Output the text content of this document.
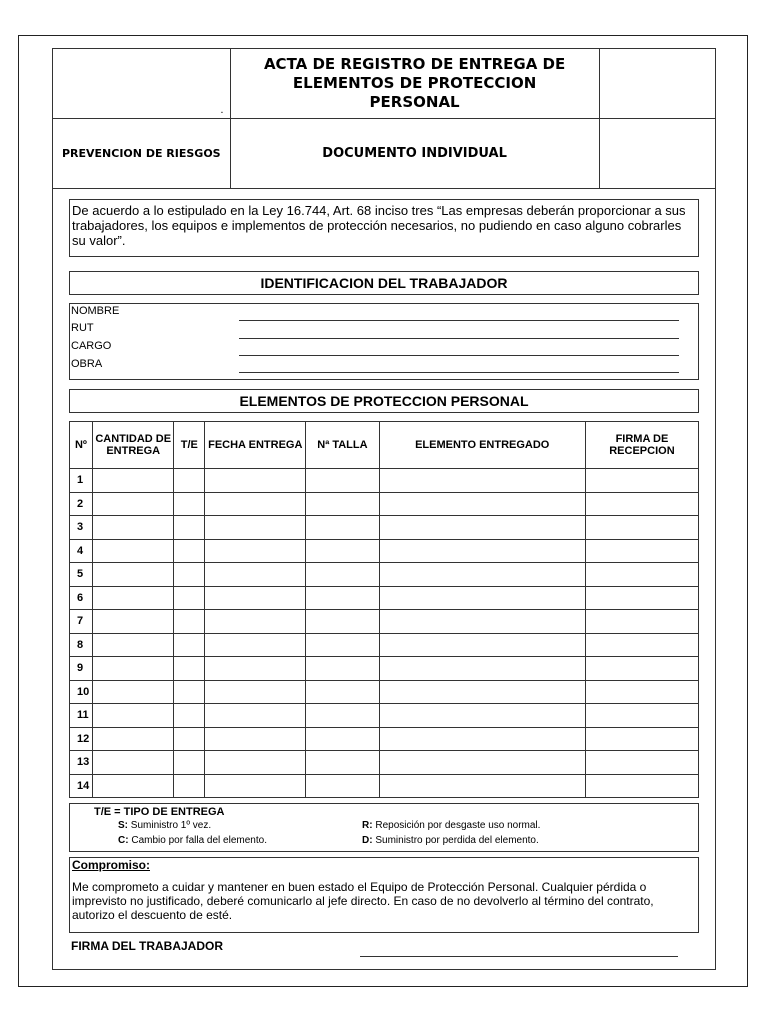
.	ACTA DE REGISTRO DE ENTREGA DE ELEMENTOS DE PROTECCION PERSONAL	
PREVENCION DE RIESGOS	DOCUMENTO INDIVIDUAL	
De acuerdo a lo estipulado en la Ley 16.744, Art. 68 inciso tres “Las empresas deberán proporcionar a sus trabajadores, los equipos e implementos de protección necesarios, no pudiendo en caso alguno cobrarles su valor”.
IDENTIFICACION DEL TRABAJADOR
NOMBRE
RUT
CARGO
OBRA
ELEMENTOS DE PROTECCION PERSONAL
Nº	CANTIDAD DE ENTREGA	T/E	FECHA ENTREGA	Nª TALLA	ELEMENTO ENTREGADO	FIRMA DE RECEPCION
1						
2						
3						
4						
5						
6						
7						
8						
9						
10						
11						
12						
13						
14						
T/E = TIPO DE ENTREGA
S: Suministro 1º vez.
C: Cambio por falla del elemento.
R: Reposición por desgaste uso normal.
D: Suministro por perdida del elemento.
Compromiso:
Me comprometo a cuidar y mantener en buen estado el Equipo de Protección Personal. Cualquier pérdida o imprevisto no justificado, deberé comunicarlo al jefe directo. En caso de no devolverlo al término del contrato, autorizo el descuento de esté.
FIRMA DEL TRABAJADOR
